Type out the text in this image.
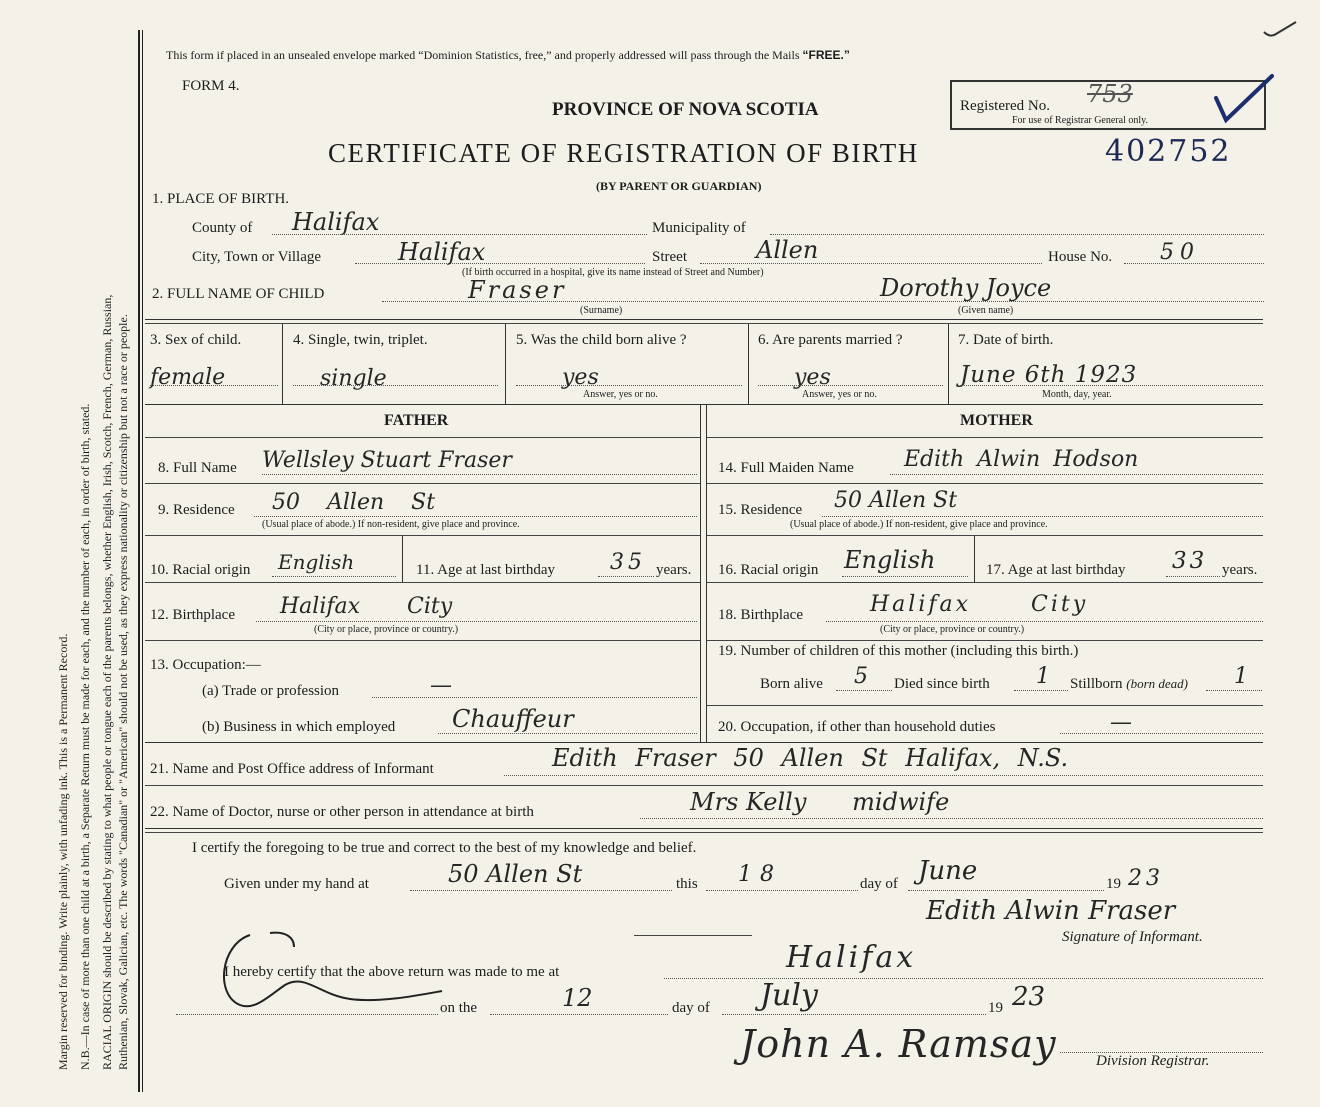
Margin reserved for binding. Write plainly, with unfading ink. This is a Permanent Record. N.B.—In case of more than one child at a birth, a Separate Return must be made for each, and the number of each, in order of birth, stated. RACIAL ORIGIN should be described by stating to what people or tongue each of the parents belongs, whether English, Irish, Scotch, French, German, Russian, Ruthenian, Slovak, Galician, etc. The words "Canadian" or "American" should not be used, as they express nationality or citizenship but not a race or people.
This form if placed in an unsealed envelope marked “Dominion Statistics, free,” and properly addressed will pass through the Mails “FREE.”
FORM 4.
PROVINCE OF NOVA SCOTIA	Registered No. 753
For use of Registrar General only.
CERTIFICATE OF REGISTRATION OF BIRTH	402752
(BY PARENT OR GUARDIAN)
1. PLACE OF BIRTH.
County of Halifax	Municipality of
City, Town or Village	Halifax	Street	Allen	House No. 50
(If birth occurred in a hospital, give its name instead of Street and Number)
2. FULL NAME OF CHILD	Fraser	Dorothy Joyce
(Surname)	(Given name)
3. Sex of child.
female
4. Single, twin, triplet.
single
5. Was the child born alive ?
yes
Answer, yes or no.
6. Are parents married ?
yes
Answer, yes or no.
7. Date of birth.
June 6th 1923
Month, day, year.
FATHER	MOTHER
8. Full Name Wellsley Stuart Fraser
9. Residence 50 Allen St
(Usual place of abode.) If non-resident, give place and province.
10. Racial origin English	11. Age at last birthday	35 years.
12. Birthplace Halifax City
(City or place, province or country.)
13. Occupation:—
(a) Trade or profession	—
(b) Business in which employed Chauffeur
14. Full Maiden Name Edith Alwin Hodson
15. Residence 50 Allen St
(Usual place of abode.) If non-resident, give place and province.
16. Racial origin English	17. Age at last birthday 33 years.
18. Birthplace	Halifax City
(City or place, province or country.)
19. Number of children of this mother (including this birth.)
Born alive 5 Died since birth 1 Stillborn (born dead) 1
20. Occupation, if other than household duties	—
21. Name and Post Office address of Informant	Edith Fraser 50 Allen St Halifax, N.S.
22. Name of Doctor, nurse or other person in attendance at birth	Mrs Kelly      midwife
I certify the foregoing to be true and correct to the best of my knowledge and belief.
Given under my hand at	50 Allen St	this 18	day of June	19 23
Edith Alwin Fraser
Signature of Informant.
I hereby certify that the above return was made to me at	Halifax
on the	12	day of July	19 23
John A. Ramsay	Division Registrar.
